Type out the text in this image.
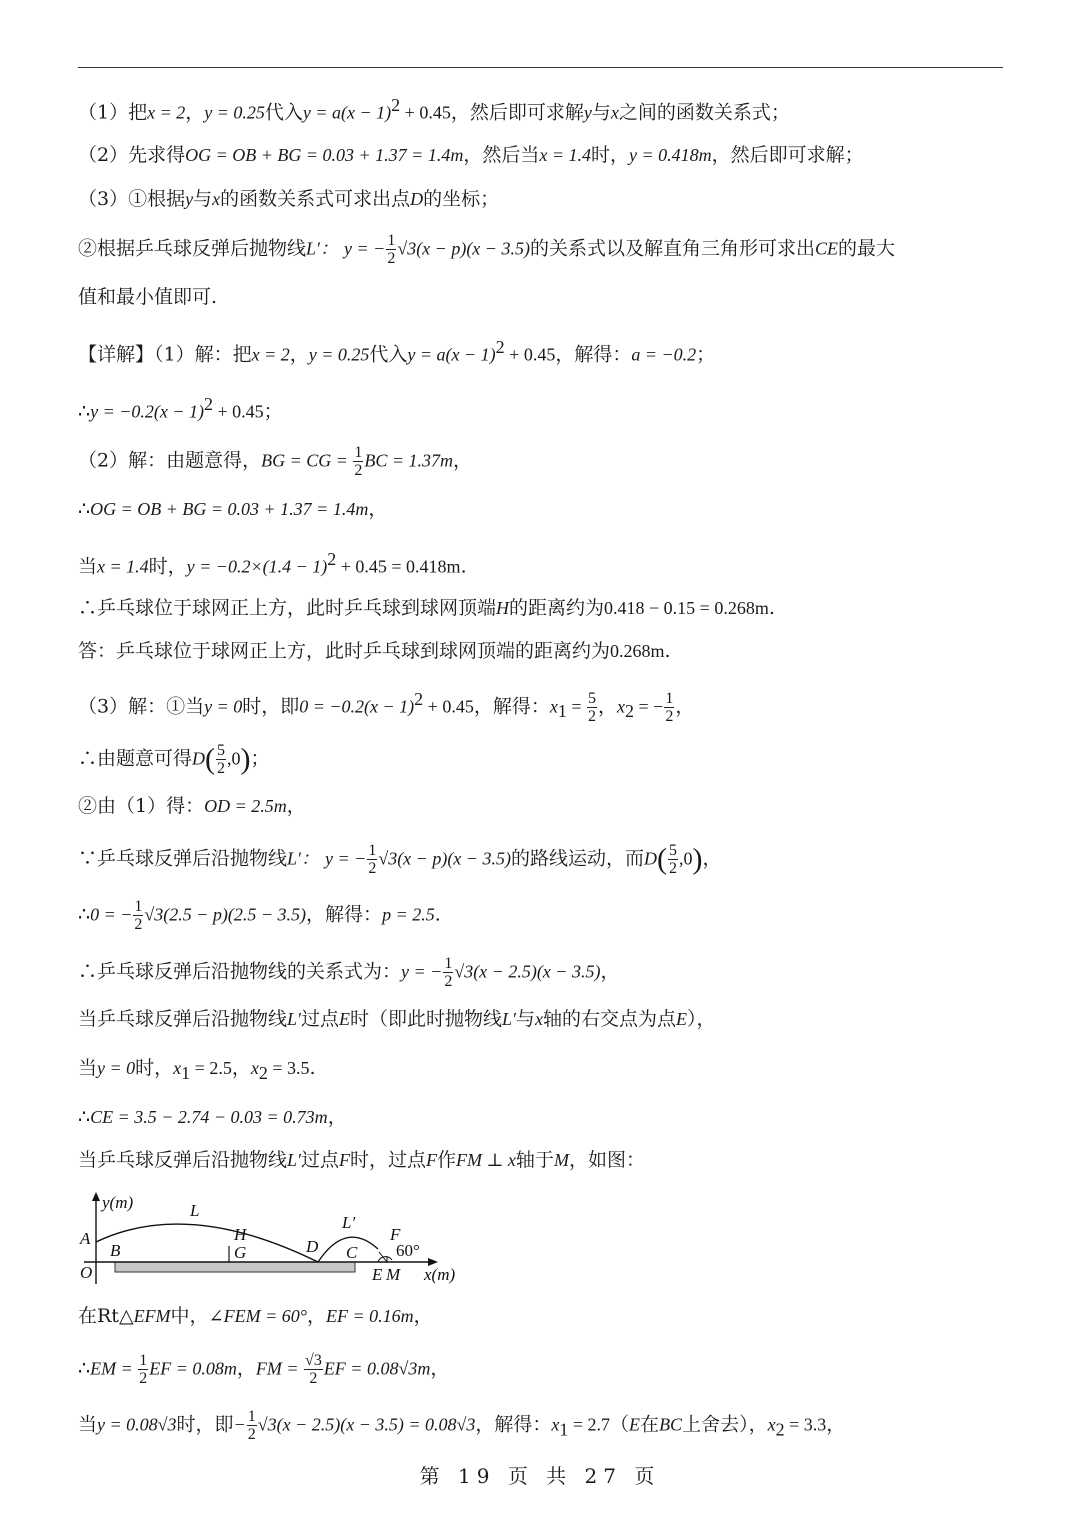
（1）把x = 2，y = 0.25代入$y = a(x - 1)^2 + 0.45$，然后即可求解y与x之间的函数关系式；
（2）先求得OG = OB + BG = 0.03 + 1.37 = 1.4m，然后当x = 1.4时，y = 0.418m，然后即可求解；
（3）①根据y与x的函数关系式可求出点D的坐标；
②根据乒乓球反弹后抛物线L′： y = − $\frac{1}{2} √3(x - p)(x - 3.5)$的关系式以及解直角三角形可求出CE的最大
值和最小值即可.
【详解】（1）解：把x = 2，y = 0.25代入$y = a(x - 1)^2 + 0.45$，解得：a = −0.2；
∴y = $-0.2(x - 1)^2 + 0.45$；
（2）解：由题意得，BG = CG = $\frac{1}{2}$ BC = 1.37m，
∴OG = OB + BG = 0.03 + 1.37 = 1.4m，
当x = 1.4时，$y = -0.2\times(1.4 - 1)^2 + 0.45 = 0.418m$.
∴乒乓球位于球网正上方，此时乒乓球到球网顶端H的距离约为0.418 − 0.15 = 0.268m.
答：乒乓球位于球网正上方，此时乒乓球到球网顶端的距离约为0.268m.
（3）解：①当y = 0时，即$0 = -0.2(x - 1)^2 + 0.45$，解得：$x_1 = \frac{5}{2}$ ，$x_2$ = − $\frac{1}{2}$ ，
∴由题意可得$D( \frac{5}{2} ,0)$；
②由（1）得：OD = 2.5m，
∵乒乓球反弹后沿抛物线L′： y = − $\frac{1}{2} √3(x - p)(x - 3.5)$的路线运动，而$D( \frac{5}{2} ,0)$，
∴0 = − $\frac{1}{2} √3(2.5 - p)(2.5 - 3.5)$，解得：p = 2.5.
∴乒乓球反弹后沿抛物线的关系式为：y = − $\frac{1}{2} √3(x - 2.5)(x - 3.5)$，
当乒乓球反弹后沿抛物线L′过点E时（即此时抛物线L′与x轴的右交点为点E），
当y = 0时，$x_1 = 2.5$，$x_2 = 3.5$.
∴CE = 3.5 − 2.74 − 0.03 = 0.73m，
当乒乓球反弹后沿抛物线L′过点F时，过点F作FM ⊥ x轴于M，如图：
y(m)	L
L′
A
B
O
H
G	D C
E M
F
60°
x(m)
在Rt△EFM中，∠FEM = 60°，EF = 0.16m，
∴EM = $\frac{1}{2}$ EF = 0.08m，FM = $\frac{√3}{2}$ EF = 0.08√3m，
当y = 0.08√3时，即− $\frac{1}{2} √3(x - 2.5)(x - 3.5) = 0.08√3$，解得：$x_1 = 2.7(E$在BC上舍去），$x_2 = 3.3$，
第 19 页 共 27 页
